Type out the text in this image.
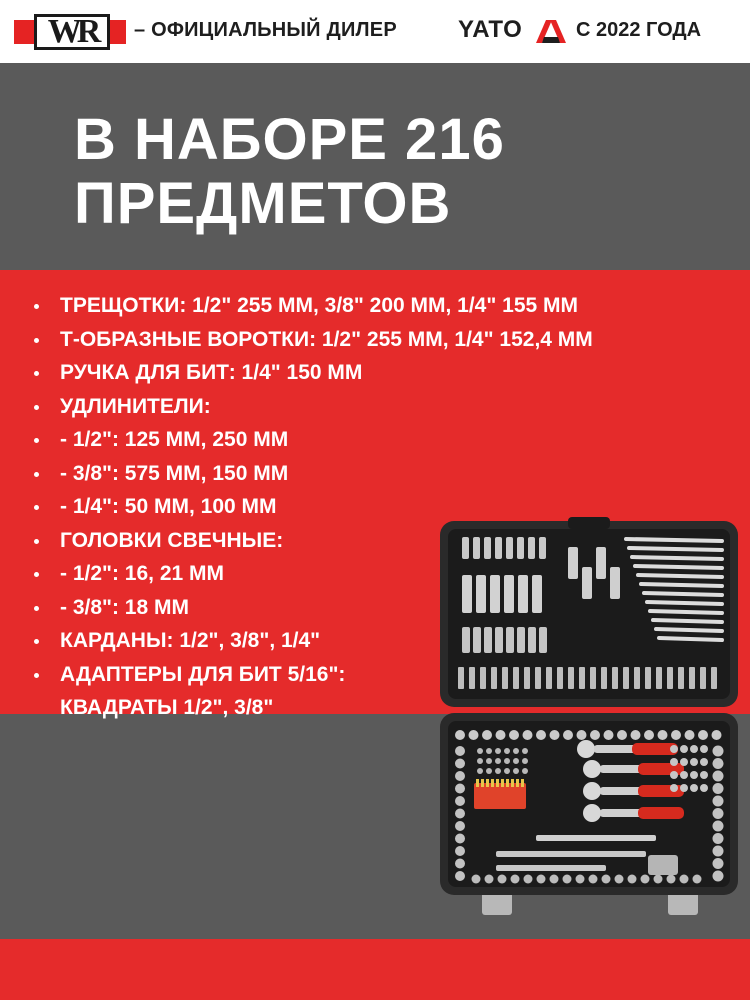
WR	– ОФИЦИАЛЬНЫЙ ДИЛЕР	YATO	С 2022 ГОДА
В НАБОРЕ 216
ПРЕДМЕТОВ
ТРЕЩОТКИ: 1/2" 255 ММ, 3/8" 200 ММ, 1/4" 155 ММ
Т-ОБРАЗНЫЕ ВОРОТКИ: 1/2" 255 ММ, 1/4" 152,4 ММ
РУЧКА ДЛЯ БИТ: 1/4" 150 ММ
УДЛИНИТЕЛИ:
- 1/2": 125 ММ, 250 ММ
- 3/8": 575 ММ, 150 ММ
- 1/4": 50 ММ, 100 ММ
ГОЛОВКИ СВЕЧНЫЕ:
- 1/2": 16, 21 ММ
- 3/8": 18 ММ
КАРДАНЫ: 1/2", 3/8", 1/4"
АДАПТЕРЫ ДЛЯ БИТ 5/16":
КВАДРАТЫ 1/2", 3/8"
